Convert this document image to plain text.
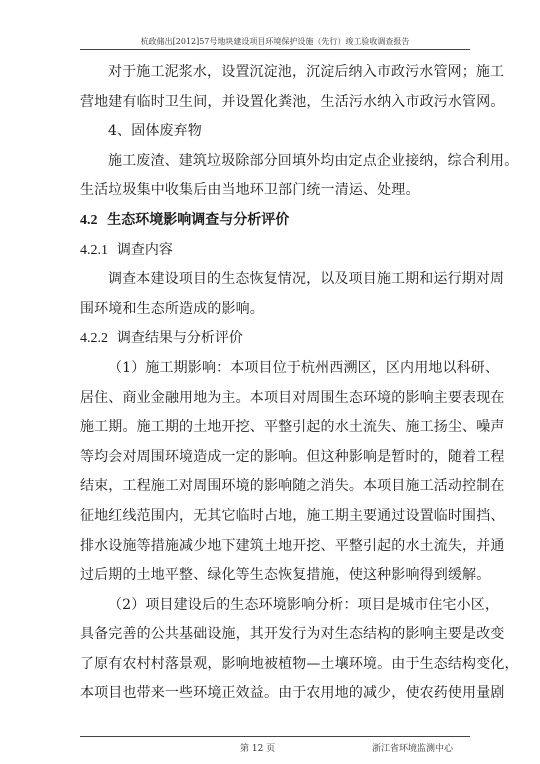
杭政储出[2012]57号地块建设项目环境保护设施（先行）竣工验收调查报告

对于施工泥浆水，设置沉淀池，沉淀后纳入市政污水管网；施工

营地建有临时卫生间，并设置化粪池，生活污水纳入市政污水管网。

4、固体废弃物

施工废渣、建筑垃圾除部分回填外均由定点企业接纳，综合利用。

生活垃圾集中收集后由当地环卫部门统一清运、处理。

4.2 生态环境影响调查与分析评价

4.2.1 调查内容

调查本建设项目的生态恢复情况，以及项目施工期和运行期对周

围环境和生态所造成的影响。

4.2.2 调查结果与分析评价

（1）施工期影响：本项目位于杭州西溯区，区内用地以科研、

居住、商业金融用地为主。本项目对周围生态环境的影响主要表现在

施工期。施工期的土地开挖、平整引起的水土流失、施工扬尘、噪声

等均会对周围环境造成一定的影响。但这种影响是暂时的，随着工程

结束，工程施工对周围环境的影响随之消失。本项目施工活动控制在

征地红线范围内，无其它临时占地，施工期主要通过设置临时围挡、

排水设施等措施减少地下建筑土地开挖、平整引起的水土流失，并通

过后期的土地平整、绿化等生态恢复措施，使这种影响得到缓解。

（2）项目建设后的生态环境影响分析：项目是城市住宅小区，

具备完善的公共基础设施，其开发行为对生态结构的影响主要是改变

了原有农村村落景观，影响地被植物—土壤环境。由于生态结构变化，

本项目也带来一些环境正效益。由于农用地的减少，使农药使用量剧

第 12 页	浙江省环境监测中心
